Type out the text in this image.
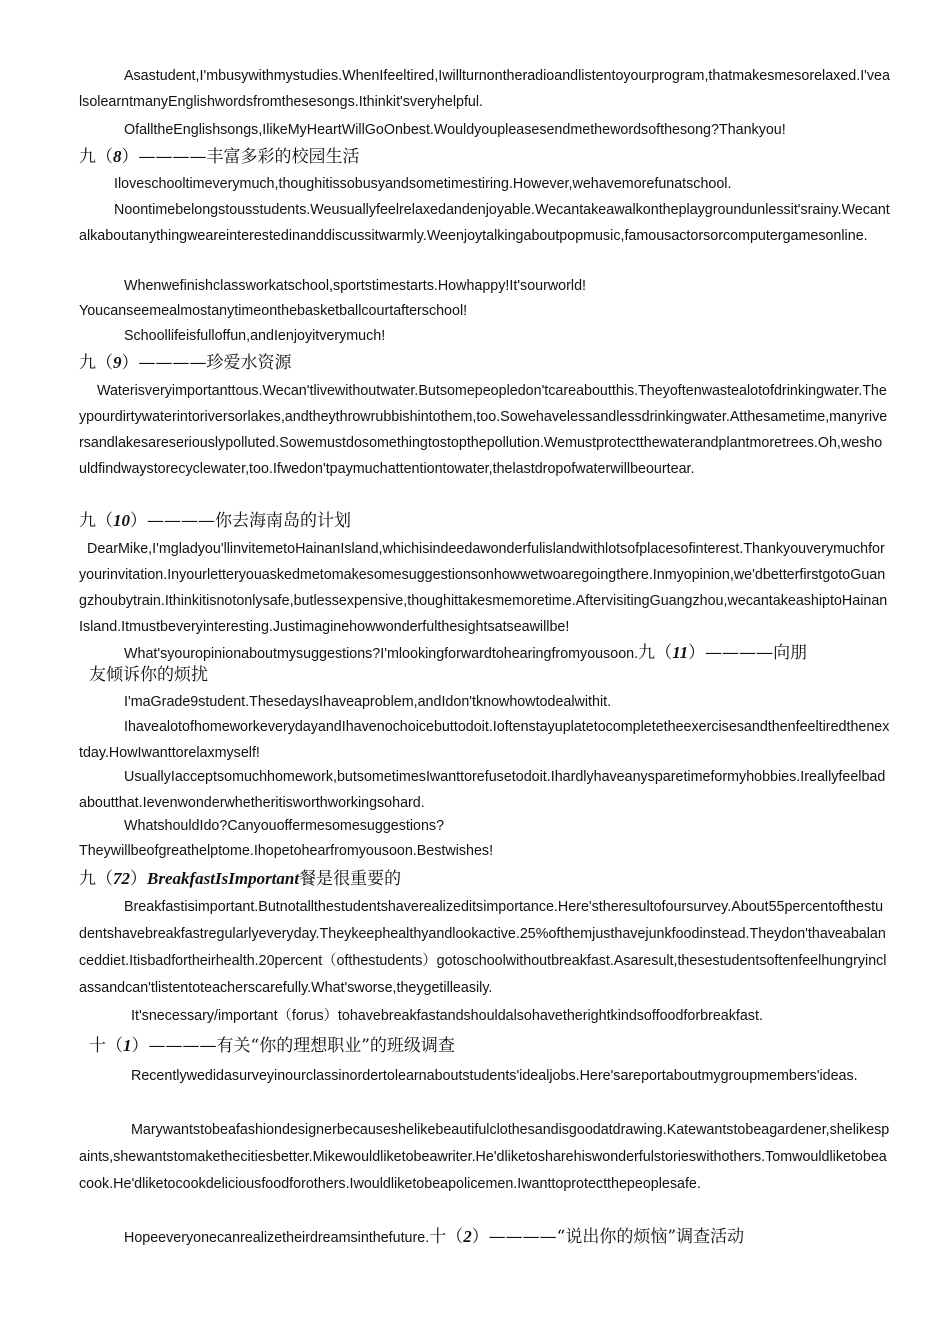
Asastudent,I'mbusywithmystudies.WhenIfeeltired,Iwillturnontheradioandlistentoyourprogram,thatmakesmesorelaxed.I'vealsolearntmanyEnglishwordsfromthesesongs.Ithinkit'sveryhelpful.

OfalltheEnglishsongs,IlikeMyHeartWillGoOnbest.Wouldyoupleasesendmethewordsofthesong?Thankyou!

九（8）————丰富多彩的校园生活

Iloveschooltimeverymuch,thoughitissobusyandsometimestiring.However,wehavemorefunatschool.

Noontimebelongstousstudents.Weusuallyfeelrelaxedandenjoyable.Wecantakeawalkontheplaygroundunlessit'srainy.Wecantalkaboutanythingweareinterestedinanddiscussitwarmly.Weenjoytalkingaboutpopmusic,famousactorsorcomputergamesonline.

Whenwefinishclassworkatschool,sportstimestarts.Howhappy!It'sourworld!

Youcanseemealmostanytimeonthebasketballcourtafterschool!

Schoollifeisfulloffun,andIenjoyitverymuch!

九（9）————珍爱水资源

Waterisveryimportanttous.Wecan'tlivewithoutwater.Butsomepeopledon'tcareaboutthis.Theyoftenwastealotofdrinkingwater.Theypourdirtywaterintoriversorlakes,andtheythrowrubbishintothem,too.Sowehavelessandlessdrinkingwater.Atthesametime,manyriversandlakesareseriouslypolluted.Sowemustdosomethingtostopthepollution.Wemustprotectthewaterandplantmoretrees.Oh,weshouldfindwaystorecyclewater,too.Ifwedon'tpaymuchattentiontowater,thelastdropofwaterwillbeourtear.

九（10）————你去海南岛的计划

DearMike,I'mgladyou'llinvitemetoHainanIsland,whichisindeedawonderfulislandwithlotsofplacesofinterest.Thankyouverymuchforyourinvitation.Inyourletteryouaskedmetomakesomesuggestionsonhowwetwoaregoingthere.Inmyopinion,we'dbetterfirstgotoGuangzhoubytrain.Ithinkitisnotonlysafe,butlessexpensive,thoughittakesmemoretime.AftervisitingGuangzhou,wecantakeashiptoHainanIsland.Itmustbeveryinteresting.Justimaginehowwonderfulthesightsatseawillbe!

What'syouropinionaboutmysuggestions?I'mlookingforwardtohearingfromyousoon.九（11）————向朋

友倾诉你的烦扰

I'maGrade9student.ThesedaysIhaveaproblem,andIdon'tknowhowtodealwithit.

IhavealotofhomeworkeverydayandIhavenochoicebuttodoit.Ioftenstayuplatetocompletetheexercisesandthenfeeltiredthenextday.HowIwanttorelaxmyself!

UsuallyIacceptsomuchhomework,butsometimesIwanttorefusetodoit.Ihardlyhaveanysparetimeformyhobbies.Ireallyfeelbadaboutthat.Ievenwonderwhetheritisworthworkingsohard.

WhatshouldIdo?Canyouoffermesomesuggestions?

Theywillbeofgreathelptome.Ihopetohearfromyousoon.Bestwishes!

九（72）BreakfastIsImportant餐是很重要的

Breakfastisimportant.Butnotallthestudentshaverealizeditsimportance.Here'stheresultofoursurvey.About55percentofthestudentshavebreakfastregularlyeveryday.Theykeephealthyandlookactive.25%ofthemjusthavejunkfoodinstead.Theydon'thaveabalanceddiet.Itisbadfortheirhealth.20percent（ofthestudents）gotoschoolwithoutbreakfast.Asaresult,thesestudentsoftenfeelhungryinclassandcan'tlistentoteacherscarefully.What'sworse,theygetilleasily.

It'snecessary/important（forus）tohavebreakfastandshouldalsohavetherightkindsoffoodforbreakfast.

十（1）————有关“你的理想职业”的班级调查

Recentlywedidasurveyinourclassinordertolearnaboutstudents'idealjobs.Here'sareportaboutmygroupmembers'ideas.

Marywantstobeafashiondesignerbecauseshelikebeautifulclothesandisgoodatdrawing.Katewantstobeagardener,shelikespaints,shewantstomakethecitiesbetter.Mikewouldliketobeawriter.He'dliketosharehiswonderfulstorieswithothers.Tomwouldliketobeacook.He'dliketocookdeliciousfoodforothers.Iwouldliketobeapolicemen.Iwanttoprotectthepeoplesafe.

Hopeeveryonecanrealizetheirdreamsinthefuture.十（2）————“说出你的烦恼”调查活动
